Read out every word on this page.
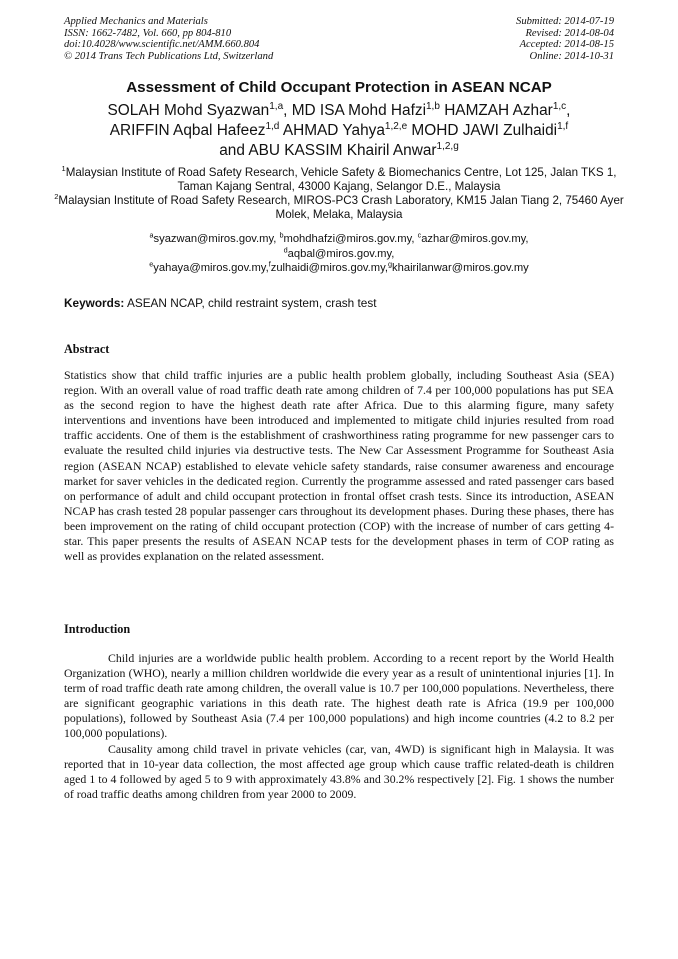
Applied Mechanics and Materials
ISSN: 1662-7482, Vol. 660, pp 804-810
doi:10.4028/www.scientific.net/AMM.660.804
© 2014 Trans Tech Publications Ltd, Switzerland
Submitted: 2014-07-19
Revised: 2014-08-04
Accepted: 2014-08-15
Online: 2014-10-31
Assessment of Child Occupant Protection in ASEAN NCAP
SOLAH Mohd Syazwan$^{1,a}$, MD ISA Mohd Hafzi$^{1,b}$ HAMZAH Azhar$^{1,c}$,
ARIFFIN Aqbal Hafeez$^{1,d}$ AHMAD Yahya$^{1,2,e}$ MOHD JAWI Zulhaidi$^{1,f}$
and ABU KASSIM Khairil Anwar$^{1,2,g}$
$^1$Malaysian Institute of Road Safety Research, Vehicle Safety & Biomechanics Centre, Lot 125, Jalan TKS 1, Taman Kajang Sentral, 43000 Kajang, Selangor D.E., Malaysia
$^2$Malaysian Institute of Road Safety Research, MIROS-PC3 Crash Laboratory, KM15 Jalan Tiang 2, 75460 Ayer Molek, Melaka, Malaysia
$^a$syazwan@miros.gov.my, $^b$mohdhafzi@miros.gov.my, $^c$azhar@miros.gov.my,
$^d$aqbal@miros.gov.my,
$^e$yahaya@miros.gov.my,$^f$zulhaidi@miros.gov.my,$^g$khairilanwar@miros.gov.my
Keywords: ASEAN NCAP, child restraint system, crash test
Abstract

Statistics show that child traffic injuries are a public health problem globally, including Southeast Asia (SEA) region. With an overall value of road traffic death rate among children of 7.4 per 100,000 populations has put SEA as the second region to have the highest death rate after Africa. Due to this alarming figure, many safety interventions and inventions have been introduced and implemented to mitigate child injuries resulted from road traffic accidents. One of them is the establishment of crashworthiness rating programme for new passenger cars to evaluate the resulted child injuries via destructive tests. The New Car Assessment Programme for Southeast Asia region (ASEAN NCAP) established to elevate vehicle safety standards, raise consumer awareness and encourage market for saver vehicles in the dedicated region. Currently the programme assessed and rated passenger cars based on performance of adult and child occupant protection in frontal offset crash tests. Since its introduction, ASEAN NCAP has crash tested 28 popular passenger cars throughout its development phases. During these phases, there has been improvement on the rating of child occupant protection (COP) with the increase of number of cars getting 4-star. This paper presents the results of ASEAN NCAP tests for the development phases in term of COP rating as well as provides explanation on the related assessment.

Introduction

Child injuries are a worldwide public health problem. According to a recent report by the World Health Organization (WHO), nearly a million children worldwide die every year as a result of unintentional injuries [1]. In term of road traffic death rate among children, the overall value is 10.7 per 100,000 populations. Nevertheless, there are significant geographic variations in this death rate. The highest death rate is Africa (19.9 per 100,000 populations), followed by Southeast Asia (7.4 per 100,000 populations) and high income countries (4.2 to 8.2 per 100,000 populations).

Causality among child travel in private vehicles (car, van, 4WD) is significant high in Malaysia. It was reported that in 10-year data collection, the most affected age group which cause traffic related-death is children aged 1 to 4 followed by aged 5 to 9 with approximately 43.8% and 30.2% respectively [2]. Fig. 1 shows the number of road traffic deaths among children from year 2000 to 2009.
